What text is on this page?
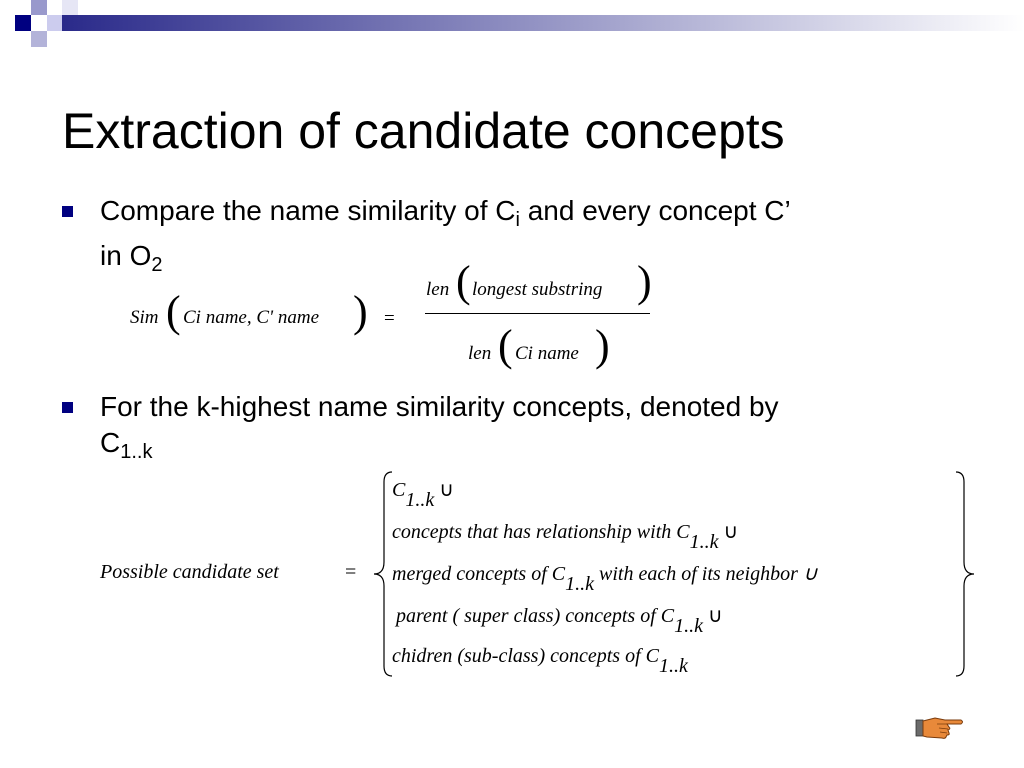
Extraction of candidate concepts
Compare the name similarity of $C_i$ and every concept C’
in $O_2$
Sim ( Ci name, C' name ) =
len ( longest substring )
len ( Ci name )
For the k-highest name similarity concepts, denoted by
$C_{1..k}$
Possible candidate set	=
C1..k ∪
concepts that has relationship with C1..k ∪
merged concepts of C1..k with each of its neighbor ∪
parent ( super class) concepts of C1..k ∪
chidren (sub-class) concepts of C1..k
